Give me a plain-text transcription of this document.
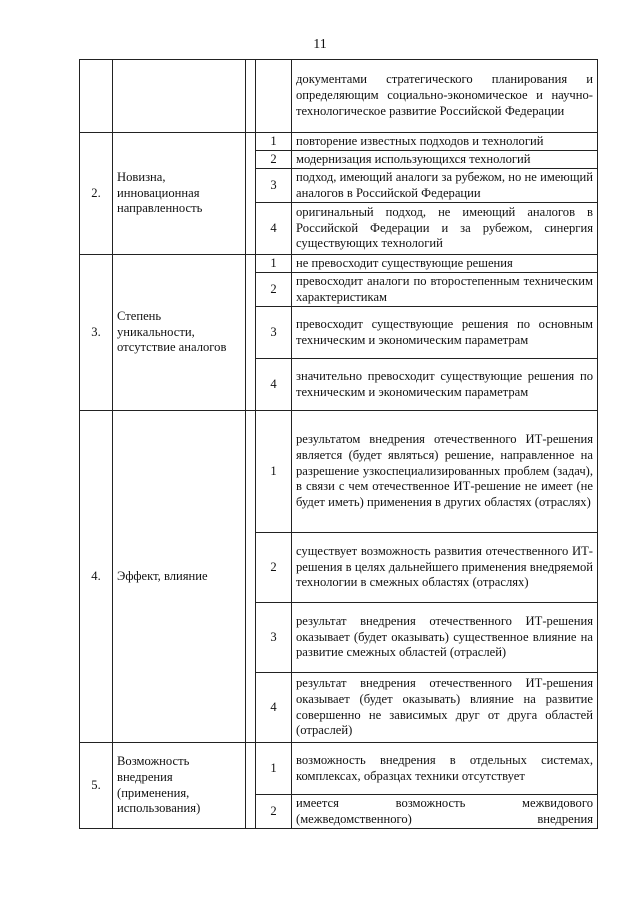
11
				документами стратегического планирования и определяющим социально-экономическое и научно-технологическое развитие Российской Федерации
2.	Новизна, инновационная направленность		1	повторение известных подходов и технологий
			2	модернизация использующихся технологий
			3	подход, имеющий аналоги за рубежом, но не имеющий аналогов в Российской Федерации
			4	оригинальный подход, не имеющий аналогов в Российской Федерации и за рубежом, синергия существующих технологий
3.	Степень уникальности, отсутствие аналогов		1	не превосходит существующие решения
			2	превосходит аналоги по второстепенным техническим характеристикам
			3	превосходит существующие решения по основным техническим и экономическим параметрам
			4	значительно превосходит существующие решения по техническим и экономическим параметрам
4.	Эффект, влияние		1	результатом внедрения отечественного ИТ-решения является (будет являться) решение, направленное на разрешение узкоспециализированных проблем (задач), в связи с чем отечественное ИТ-решение не имеет (не будет иметь) применения в других областях (отраслях)
			2	существует возможность развития отечественного ИТ-решения в целях дальнейшего применения внедряемой технологии в смежных областях (отраслях)
			3	результат внедрения отечественного ИТ-решения оказывает (будет оказывать) существенное влияние на развитие смежных областей (отраслей)
			4	результат внедрения отечественного ИТ-решения оказывает (будет оказывать) влияние на развитие совершенно не зависимых друг от друга областей (отраслей)
5.	Возможность внедрения (применения, использования)		1	возможность внедрения в отдельных системах, комплексах, образцах техники отсутствует
			2	имеется возможность межвидового (межведомственного) внедрения
